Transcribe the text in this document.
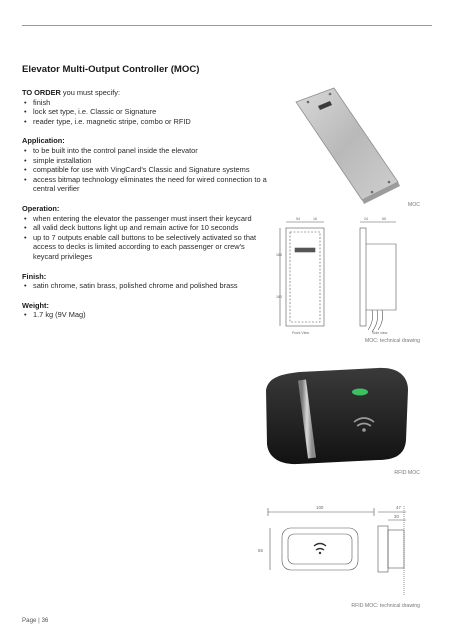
Elevator Multi-Output Controller (MOC)
TO ORDER you must specify:
• finish
• lock set type, i.e. Classic or Signature
• reader type, i.e. magnetic stripe, combo or RFID
Application:
• to be built into the control panel inside the elevator
• simple installation
• compatible for use with VingCard's Classic and Signature systems
• access bitmap technology eliminates the need for wired connection to a central verifier
Operation:
• when entering the elevator the passenger must insert their keycard
• all valid deck buttons light up and remain active for 10 seconds
• up to 7 outputs enable call buttons to be selectively activated so that access to decks is limited according to each passenger or crew's keycard privileges
Finish:
• satin chrome, satin brass, polished chrome and polished brass
Weight:
• 1.7 kg (9V Mag)
MOC
54	16	24	65
186
160
Front View	Side view
MOC: technical drawing
RFID MOC
100
56
47
30
RFID MOC: technical drawing
Page | 36
